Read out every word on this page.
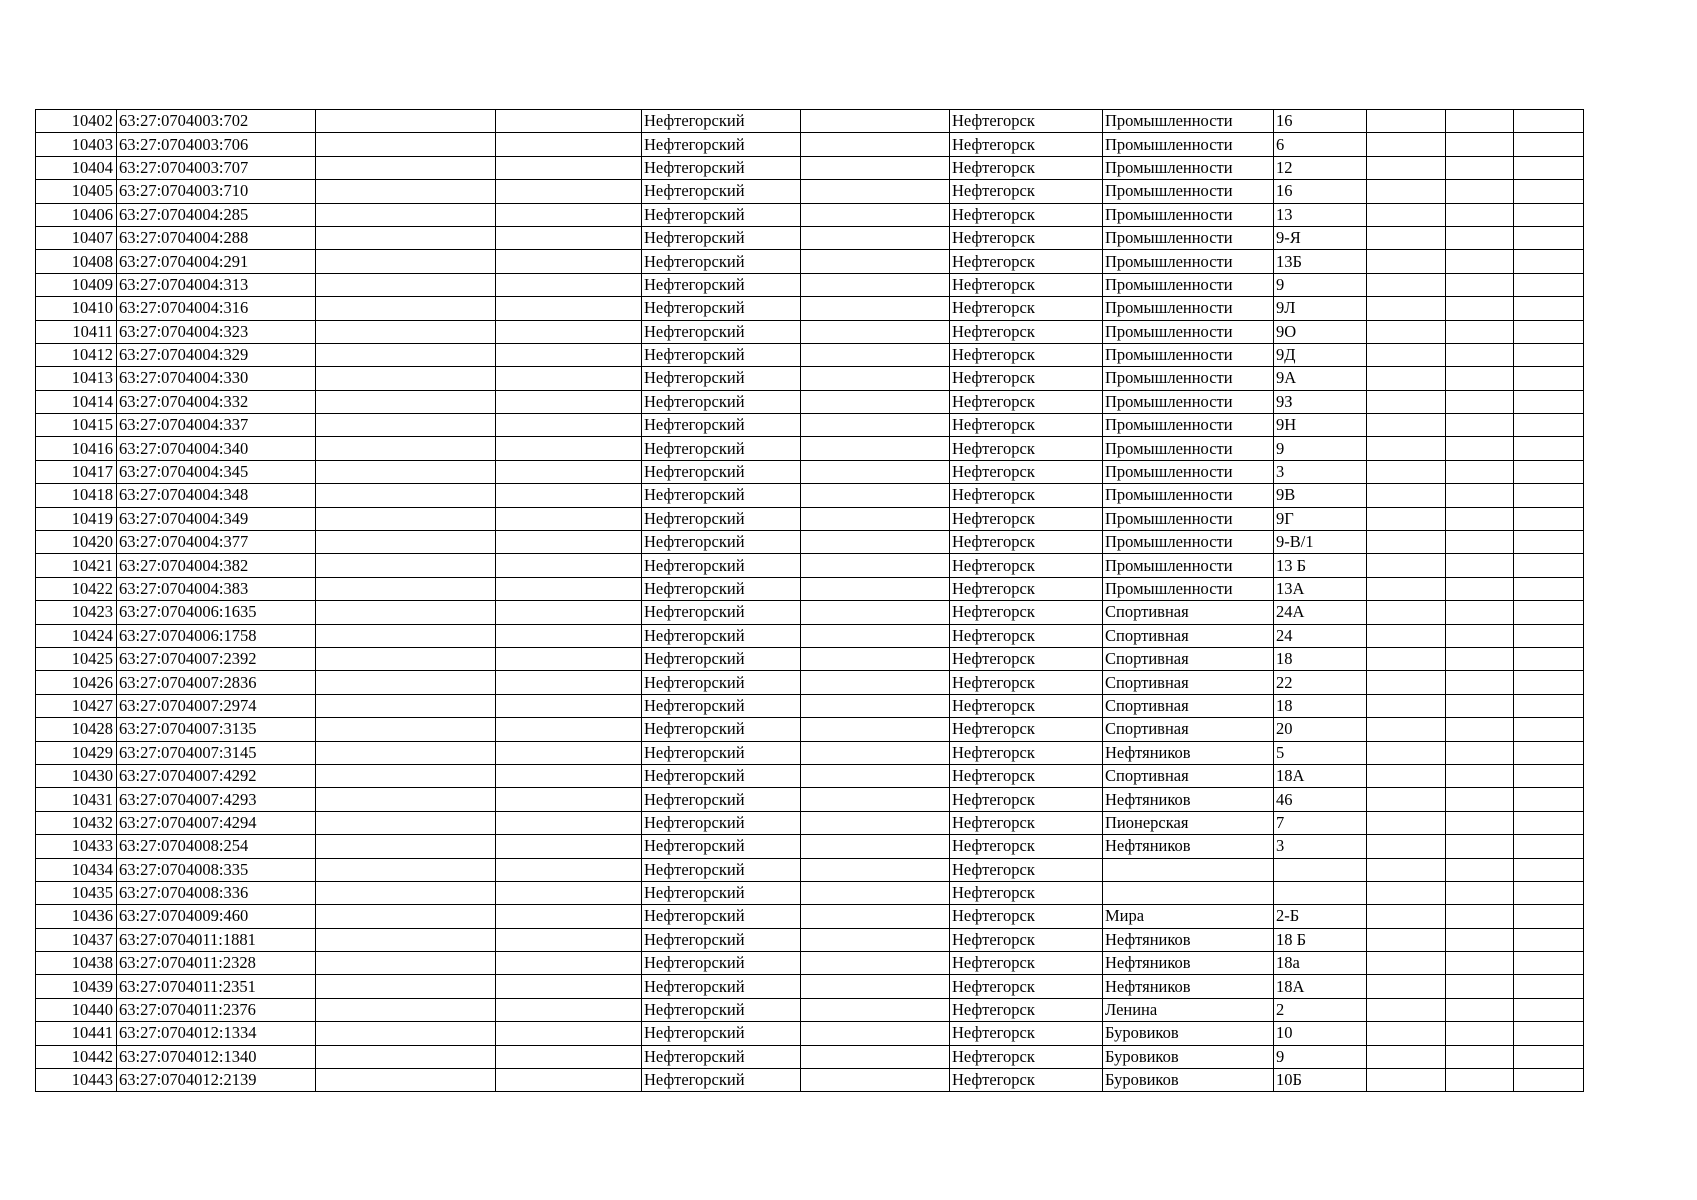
10402	63:27:0704003:702			Нефтегорский		Нефтегорск	Промышленности	16			
10403	63:27:0704003:706			Нефтегорский		Нефтегорск	Промышленности	6			
10404	63:27:0704003:707			Нефтегорский		Нефтегорск	Промышленности	12			
10405	63:27:0704003:710			Нефтегорский		Нефтегорск	Промышленности	16			
10406	63:27:0704004:285			Нефтегорский		Нефтегорск	Промышленности	13			
10407	63:27:0704004:288			Нефтегорский		Нефтегорск	Промышленности	9-Я			
10408	63:27:0704004:291			Нефтегорский		Нефтегорск	Промышленности	13Б			
10409	63:27:0704004:313			Нефтегорский		Нефтегорск	Промышленности	9			
10410	63:27:0704004:316			Нефтегорский		Нефтегорск	Промышленности	9Л			
10411	63:27:0704004:323			Нефтегорский		Нефтегорск	Промышленности	9О			
10412	63:27:0704004:329			Нефтегорский		Нефтегорск	Промышленности	9Д			
10413	63:27:0704004:330			Нефтегорский		Нефтегорск	Промышленности	9А			
10414	63:27:0704004:332			Нефтегорский		Нефтегорск	Промышленности	9З			
10415	63:27:0704004:337			Нефтегорский		Нефтегорск	Промышленности	9Н			
10416	63:27:0704004:340			Нефтегорский		Нефтегорск	Промышленности	9			
10417	63:27:0704004:345			Нефтегорский		Нефтегорск	Промышленности	3			
10418	63:27:0704004:348			Нефтегорский		Нефтегорск	Промышленности	9В			
10419	63:27:0704004:349			Нефтегорский		Нефтегорск	Промышленности	9Г			
10420	63:27:0704004:377			Нефтегорский		Нефтегорск	Промышленности	9-В/1			
10421	63:27:0704004:382			Нефтегорский		Нефтегорск	Промышленности	13 Б			
10422	63:27:0704004:383			Нефтегорский		Нефтегорск	Промышленности	13А			
10423	63:27:0704006:1635			Нефтегорский		Нефтегорск	Спортивная	24А			
10424	63:27:0704006:1758			Нефтегорский		Нефтегорск	Спортивная	24			
10425	63:27:0704007:2392			Нефтегорский		Нефтегорск	Спортивная	18			
10426	63:27:0704007:2836			Нефтегорский		Нефтегорск	Спортивная	22			
10427	63:27:0704007:2974			Нефтегорский		Нефтегорск	Спортивная	18			
10428	63:27:0704007:3135			Нефтегорский		Нефтегорск	Спортивная	20			
10429	63:27:0704007:3145			Нефтегорский		Нефтегорск	Нефтяников	5			
10430	63:27:0704007:4292			Нефтегорский		Нефтегорск	Спортивная	18А			
10431	63:27:0704007:4293			Нефтегорский		Нефтегорск	Нефтяников	46			
10432	63:27:0704007:4294			Нефтегорский		Нефтегорск	Пионерская	7			
10433	63:27:0704008:254			Нефтегорский		Нефтегорск	Нефтяников	3			
10434	63:27:0704008:335			Нефтегорский		Нефтегорск					
10435	63:27:0704008:336			Нефтегорский		Нефтегорск					
10436	63:27:0704009:460			Нефтегорский		Нефтегорск	Мира	2-Б			
10437	63:27:0704011:1881			Нефтегорский		Нефтегорск	Нефтяников	18 Б			
10438	63:27:0704011:2328			Нефтегорский		Нефтегорск	Нефтяников	18а			
10439	63:27:0704011:2351			Нефтегорский		Нефтегорск	Нефтяников	18А			
10440	63:27:0704011:2376			Нефтегорский		Нефтегорск	Ленина	2			
10441	63:27:0704012:1334			Нефтегорский		Нефтегорск	Буровиков	10			
10442	63:27:0704012:1340			Нефтегорский		Нефтегорск	Буровиков	9			
10443	63:27:0704012:2139			Нефтегорский		Нефтегорск	Буровиков	10Б			
